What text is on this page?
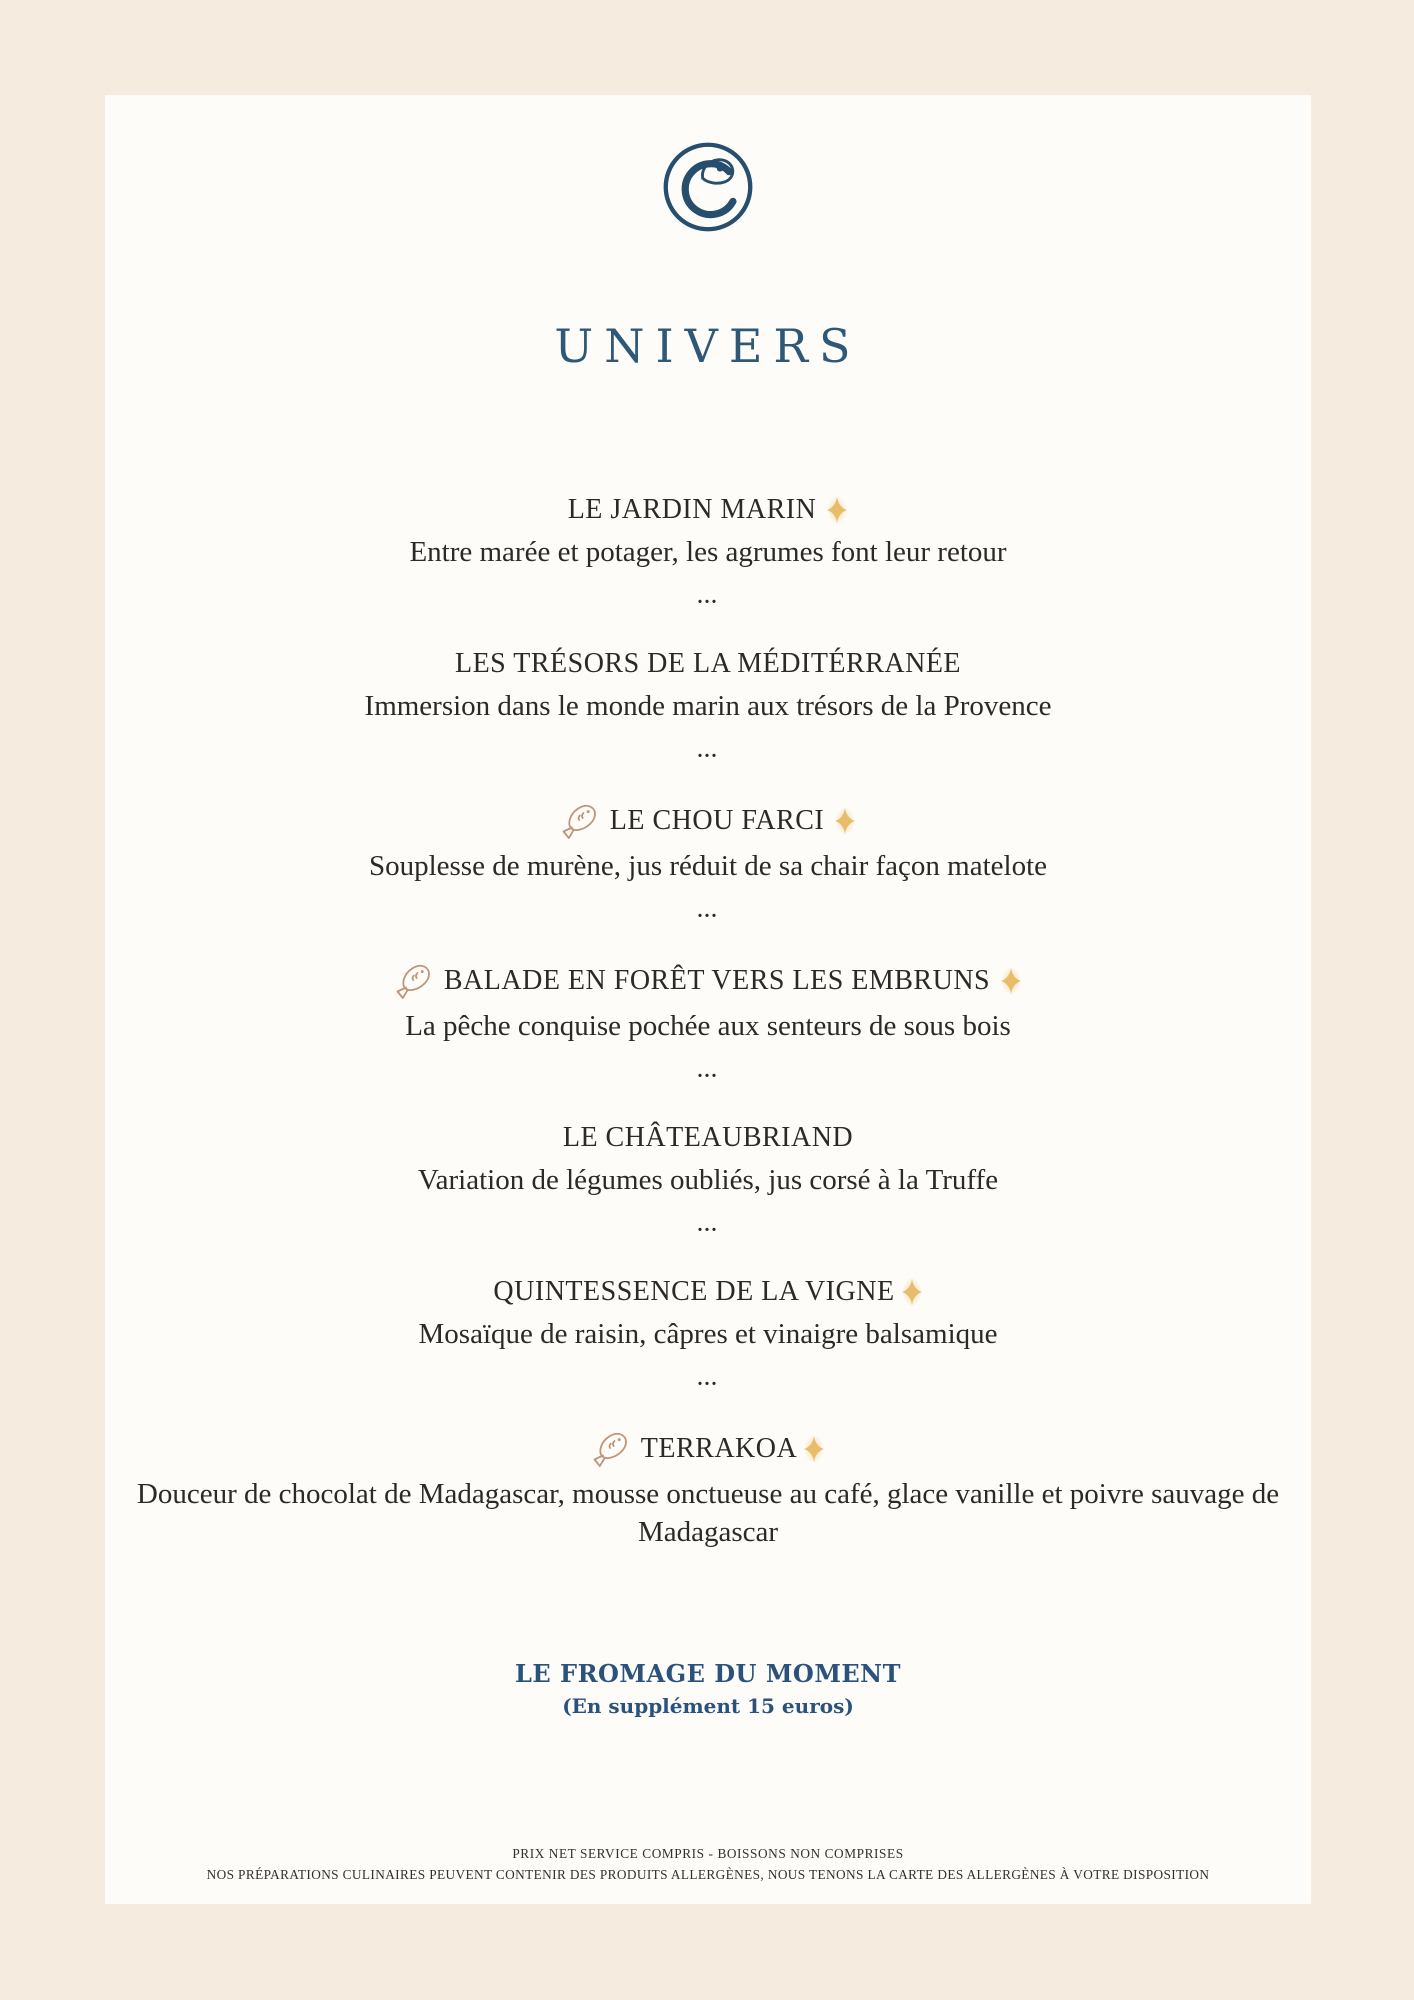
UNIVERS
LE JARDIN MARIN
Entre marée et potager, les agrumes font leur retour
...
LES TRÉSORS DE LA MÉDITÉRRANÉE
Immersion dans le monde marin aux trésors de la Provence
...
LE CHOU FARCI
Souplesse de murène, jus réduit de sa chair façon matelote
...
BALADE EN FORÊT VERS LES EMBRUNS
La pêche conquise pochée aux senteurs de sous bois
...
LE CHÂTEAUBRIAND
Variation de légumes oubliés, jus corsé à la Truffe
...
QUINTESSENCE DE LA VIGNE
Mosaïque de raisin, câpres et vinaigre balsamique
...
TERRAKOA
Douceur de chocolat de Madagascar, mousse onctueuse au café, glace vanille et poivre sauvage de Madagascar
LE FROMAGE DU MOMENT
(En supplément 15 euros)
PRIX NET SERVICE COMPRIS - BOISSONS NON COMPRISES
NOS PRÉPARATIONS CULINAIRES PEUVENT CONTENIR DES PRODUITS ALLERGÈNES, NOUS TENONS LA CARTE DES ALLERGÈNES À VOTRE DISPOSITION
